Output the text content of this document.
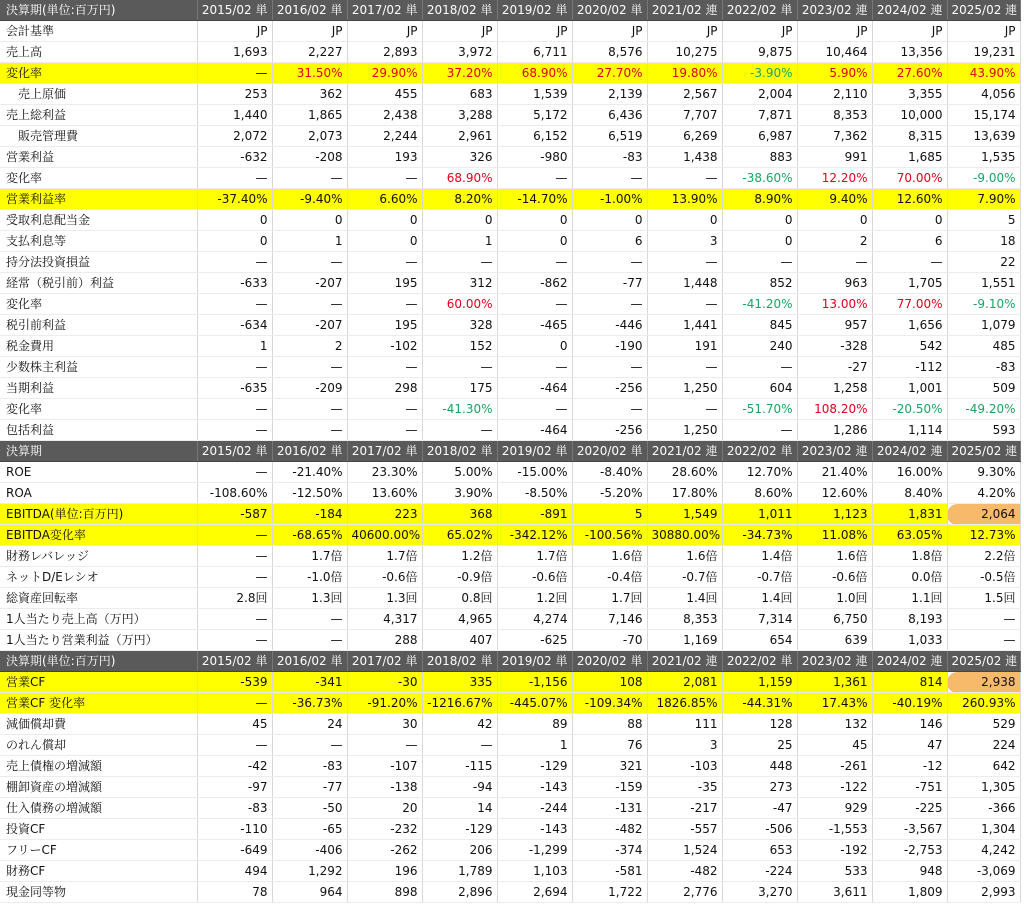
決算期(単位:百万円)	2015/02 単	2016/02 単	2017/02 単	2018/02 単	2019/02 単	2020/02 単	2021/02 連	2022/02 単	2023/02 連	2024/02 連	2025/02 連
会計基準	JP	JP	JP	JP	JP	JP	JP	JP	JP	JP	JP
売上高	1,693	2,227	2,893	3,972	6,711	8,576	10,275	9,875	10,464	13,356	19,231
変化率	—	31.50%	29.90%	37.20%	68.90%	27.70%	19.80%	-3.90%	5.90%	27.60%	43.90%
売上原価	253	362	455	683	1,539	2,139	2,567	2,004	2,110	3,355	4,056
売上総利益	1,440	1,865	2,438	3,288	5,172	6,436	7,707	7,871	8,353	10,000	15,174
販売管理費	2,072	2,073	2,244	2,961	6,152	6,519	6,269	6,987	7,362	8,315	13,639
営業利益	-632	-208	193	326	-980	-83	1,438	883	991	1,685	1,535
変化率	—	—	—	68.90%	—	—	—	-38.60%	12.20%	70.00%	-9.00%
営業利益率	-37.40%	-9.40%	6.60%	8.20%	-14.70%	-1.00%	13.90%	8.90%	9.40%	12.60%	7.90%
受取利息配当金	0	0	0	0	0	0	0	0	0	0	5
支払利息等	0	1	0	1	0	6	3	0	2	6	18
持分法投資損益	—	—	—	—	—	—	—	—	—	—	22
経常（税引前）利益	-633	-207	195	312	-862	-77	1,448	852	963	1,705	1,551
変化率	—	—	—	60.00%	—	—	—	-41.20%	13.00%	77.00%	-9.10%
税引前利益	-634	-207	195	328	-465	-446	1,441	845	957	1,656	1,079
税金費用	1	2	-102	152	0	-190	191	240	-328	542	485
少数株主利益	—	—	—	—	—	—	—	—	-27	-112	-83
当期利益	-635	-209	298	175	-464	-256	1,250	604	1,258	1,001	509
変化率	—	—	—	-41.30%	—	—	—	-51.70%	108.20%	-20.50%	-49.20%
包括利益	—	—	—	—	-464	-256	1,250	—	1,286	1,114	593
決算期	2015/02 単	2016/02 単	2017/02 単	2018/02 単	2019/02 単	2020/02 単	2021/02 連	2022/02 単	2023/02 連	2024/02 連	2025/02 連
ROE	—	-21.40%	23.30%	5.00%	-15.00%	-8.40%	28.60%	12.70%	21.40%	16.00%	9.30%
ROA	-108.60%	-12.50%	13.60%	3.90%	-8.50%	-5.20%	17.80%	8.60%	12.60%	8.40%	4.20%
EBITDA(単位:百万円)	-587	-184	223	368	-891	5	1,549	1,011	1,123	1,831	2,064
EBITDA変化率	—	-68.65%	40600.00%	65.02%	-342.12%	-100.56%	30880.00%	-34.73%	11.08%	63.05%	12.73%
財務レバレッジ	—	1.7倍	1.7倍	1.2倍	1.7倍	1.6倍	1.6倍	1.4倍	1.6倍	1.8倍	2.2倍
ネットD/Eレシオ	—	-1.0倍	-0.6倍	-0.9倍	-0.6倍	-0.4倍	-0.7倍	-0.7倍	-0.6倍	0.0倍	-0.5倍
総資産回転率	2.8回	1.3回	1.3回	0.8回	1.2回	1.7回	1.4回	1.4回	1.0回	1.1回	1.5回
1人当たり売上高（万円）	—	—	4,317	4,965	4,274	7,146	8,353	7,314	6,750	8,193	—
1人当たり営業利益（万円）	—	—	288	407	-625	-70	1,169	654	639	1,033	—
決算期(単位:百万円)	2015/02 単	2016/02 単	2017/02 単	2018/02 単	2019/02 単	2020/02 単	2021/02 連	2022/02 単	2023/02 連	2024/02 連	2025/02 連
営業CF	-539	-341	-30	335	-1,156	108	2,081	1,159	1,361	814	2,938
営業CF 変化率	—	-36.73%	-91.20%	-1216.67%	-445.07%	-109.34%	1826.85%	-44.31%	17.43%	-40.19%	260.93%
減価償却費	45	24	30	42	89	88	111	128	132	146	529
のれん償却	—	—	—	—	1	76	3	25	45	47	224
売上債権の増減額	-42	-83	-107	-115	-129	321	-103	448	-261	-12	642
棚卸資産の増減額	-97	-77	-138	-94	-143	-159	-35	273	-122	-751	1,305
仕入債務の増減額	-83	-50	20	14	-244	-131	-217	-47	929	-225	-366
投資CF	-110	-65	-232	-129	-143	-482	-557	-506	-1,553	-3,567	1,304
フリーCF	-649	-406	-262	206	-1,299	-374	1,524	653	-192	-2,753	4,242
財務CF	494	1,292	196	1,789	1,103	-581	-482	-224	533	948	-3,069
現金同等物	78	964	898	2,896	2,694	1,722	2,776	3,270	3,611	1,809	2,993
